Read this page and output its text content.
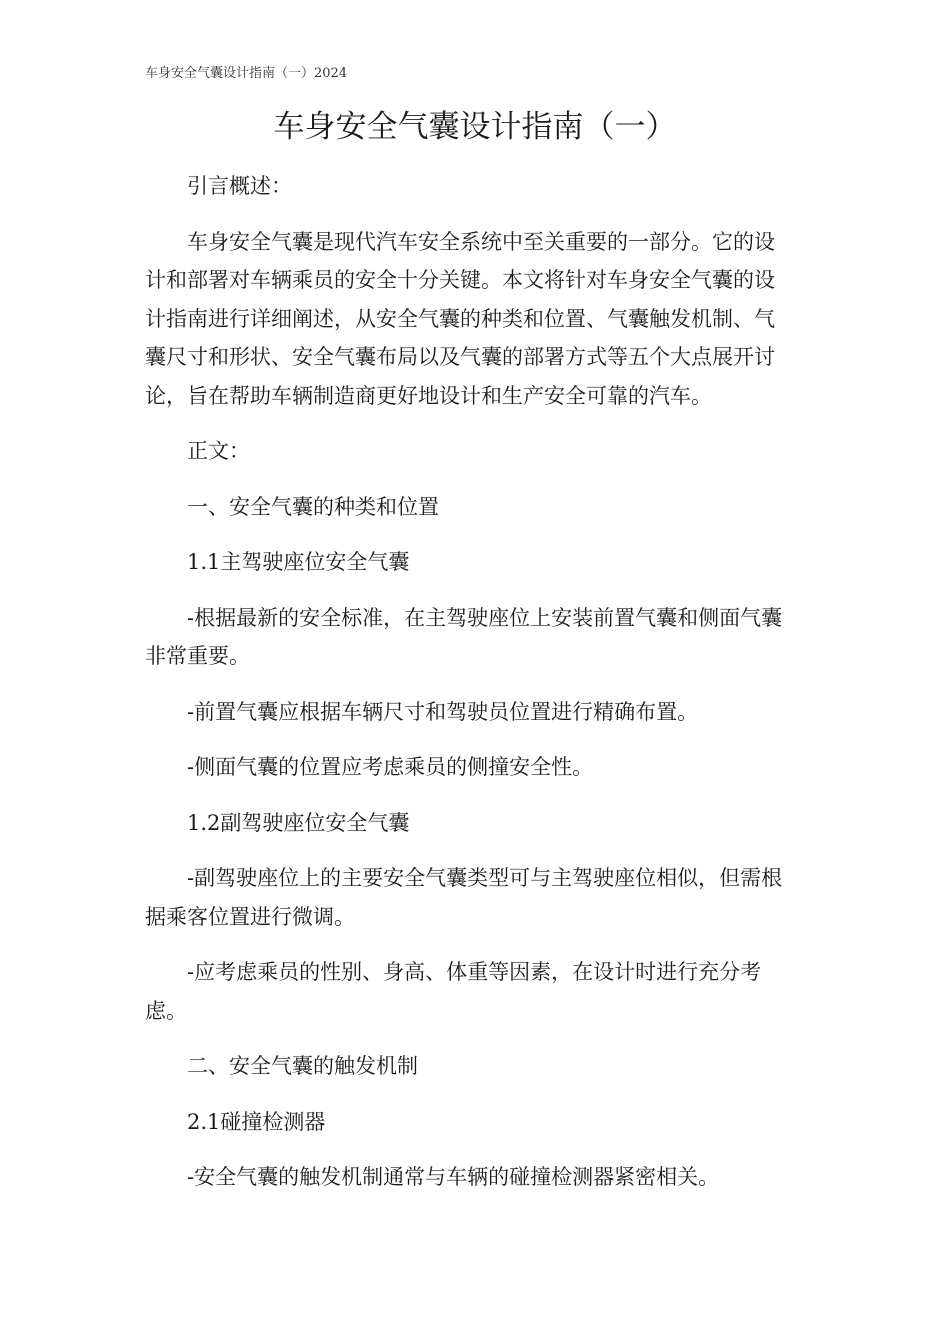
车身安全气囊设计指南（一）2024
车身安全气囊设计指南（一）

引言概述：

车身安全气囊是现代汽车安全系统中至关重要的一部分。它的设计和部署对车辆乘员的安全十分关键。本文将针对车身安全气囊的设计指南进行详细阐述，从安全气囊的种类和位置、气囊触发机制、气囊尺寸和形状、安全气囊布局以及气囊的部署方式等五个大点展开讨论，旨在帮助车辆制造商更好地设计和生产安全可靠的汽车。

正文：

一、安全气囊的种类和位置

1.1主驾驶座位安全气囊

-根据最新的安全标准，在主驾驶座位上安装前置气囊和侧面气囊非常重要。

-前置气囊应根据车辆尺寸和驾驶员位置进行精确布置。

-侧面气囊的位置应考虑乘员的侧撞安全性。

1.2副驾驶座位安全气囊

-副驾驶座位上的主要安全气囊类型可与主驾驶座位相似，但需根据乘客位置进行微调。

-应考虑乘员的性别、身高、体重等因素，在设计时进行充分考虑。

二、安全气囊的触发机制

2.1碰撞检测器

-安全气囊的触发机制通常与车辆的碰撞检测器紧密相关。
